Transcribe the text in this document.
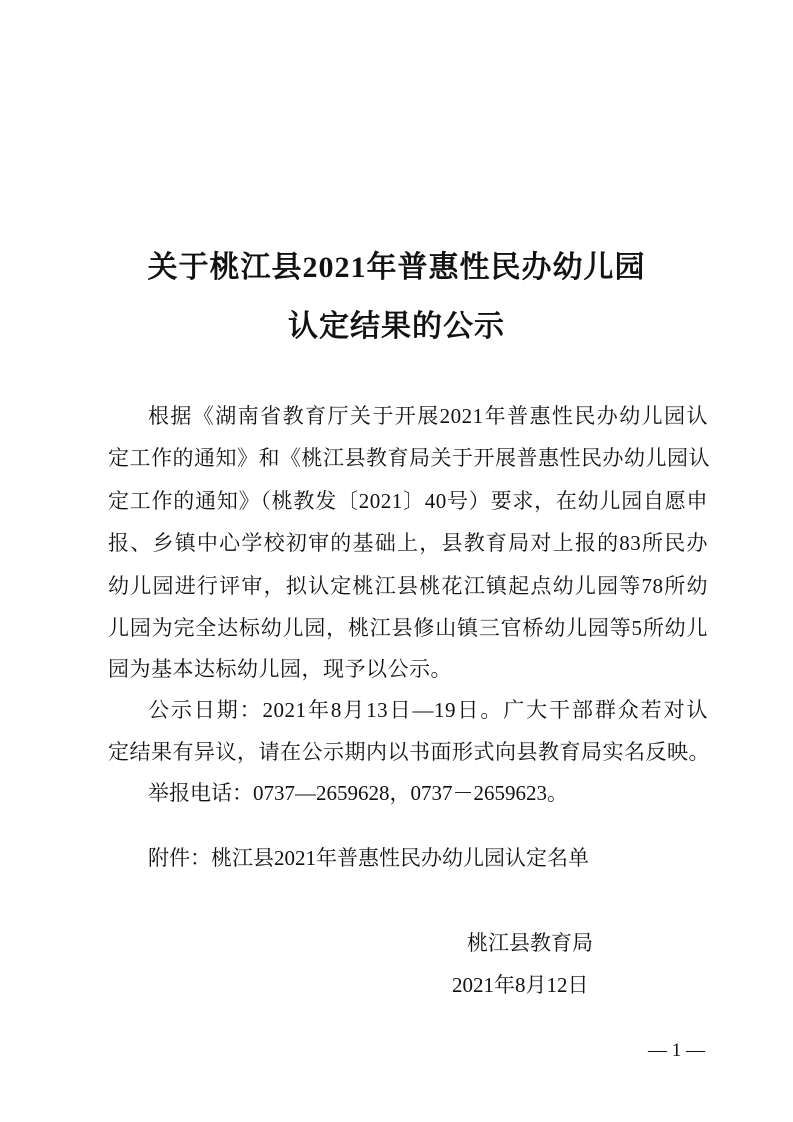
关于桃江县2021年普惠性民办幼儿园
认定结果的公示
根据《湖南省教育厅关于开展2021年普惠性民办幼儿园认
定工作的通知》和《桃江县教育局关于开展普惠性民办幼儿园认
定工作的通知》（桃教发〔2021〕40号）要求，在幼儿园自愿申
报、乡镇中心学校初审的基础上，县教育局对上报的83所民办
幼儿园进行评审，拟认定桃江县桃花江镇起点幼儿园等78所幼
儿园为完全达标幼儿园，桃江县修山镇三官桥幼儿园等5所幼儿
园为基本达标幼儿园，现予以公示。
公示日期：2021年8月13日—19日。广大干部群众若对认
定结果有异议，请在公示期内以书面形式向县教育局实名反映。
举报电话：0737—2659628，0737－2659623。
附件：桃江县2021年普惠性民办幼儿园认定名单
桃江县教育局
2021年8月12日
— 1 —
